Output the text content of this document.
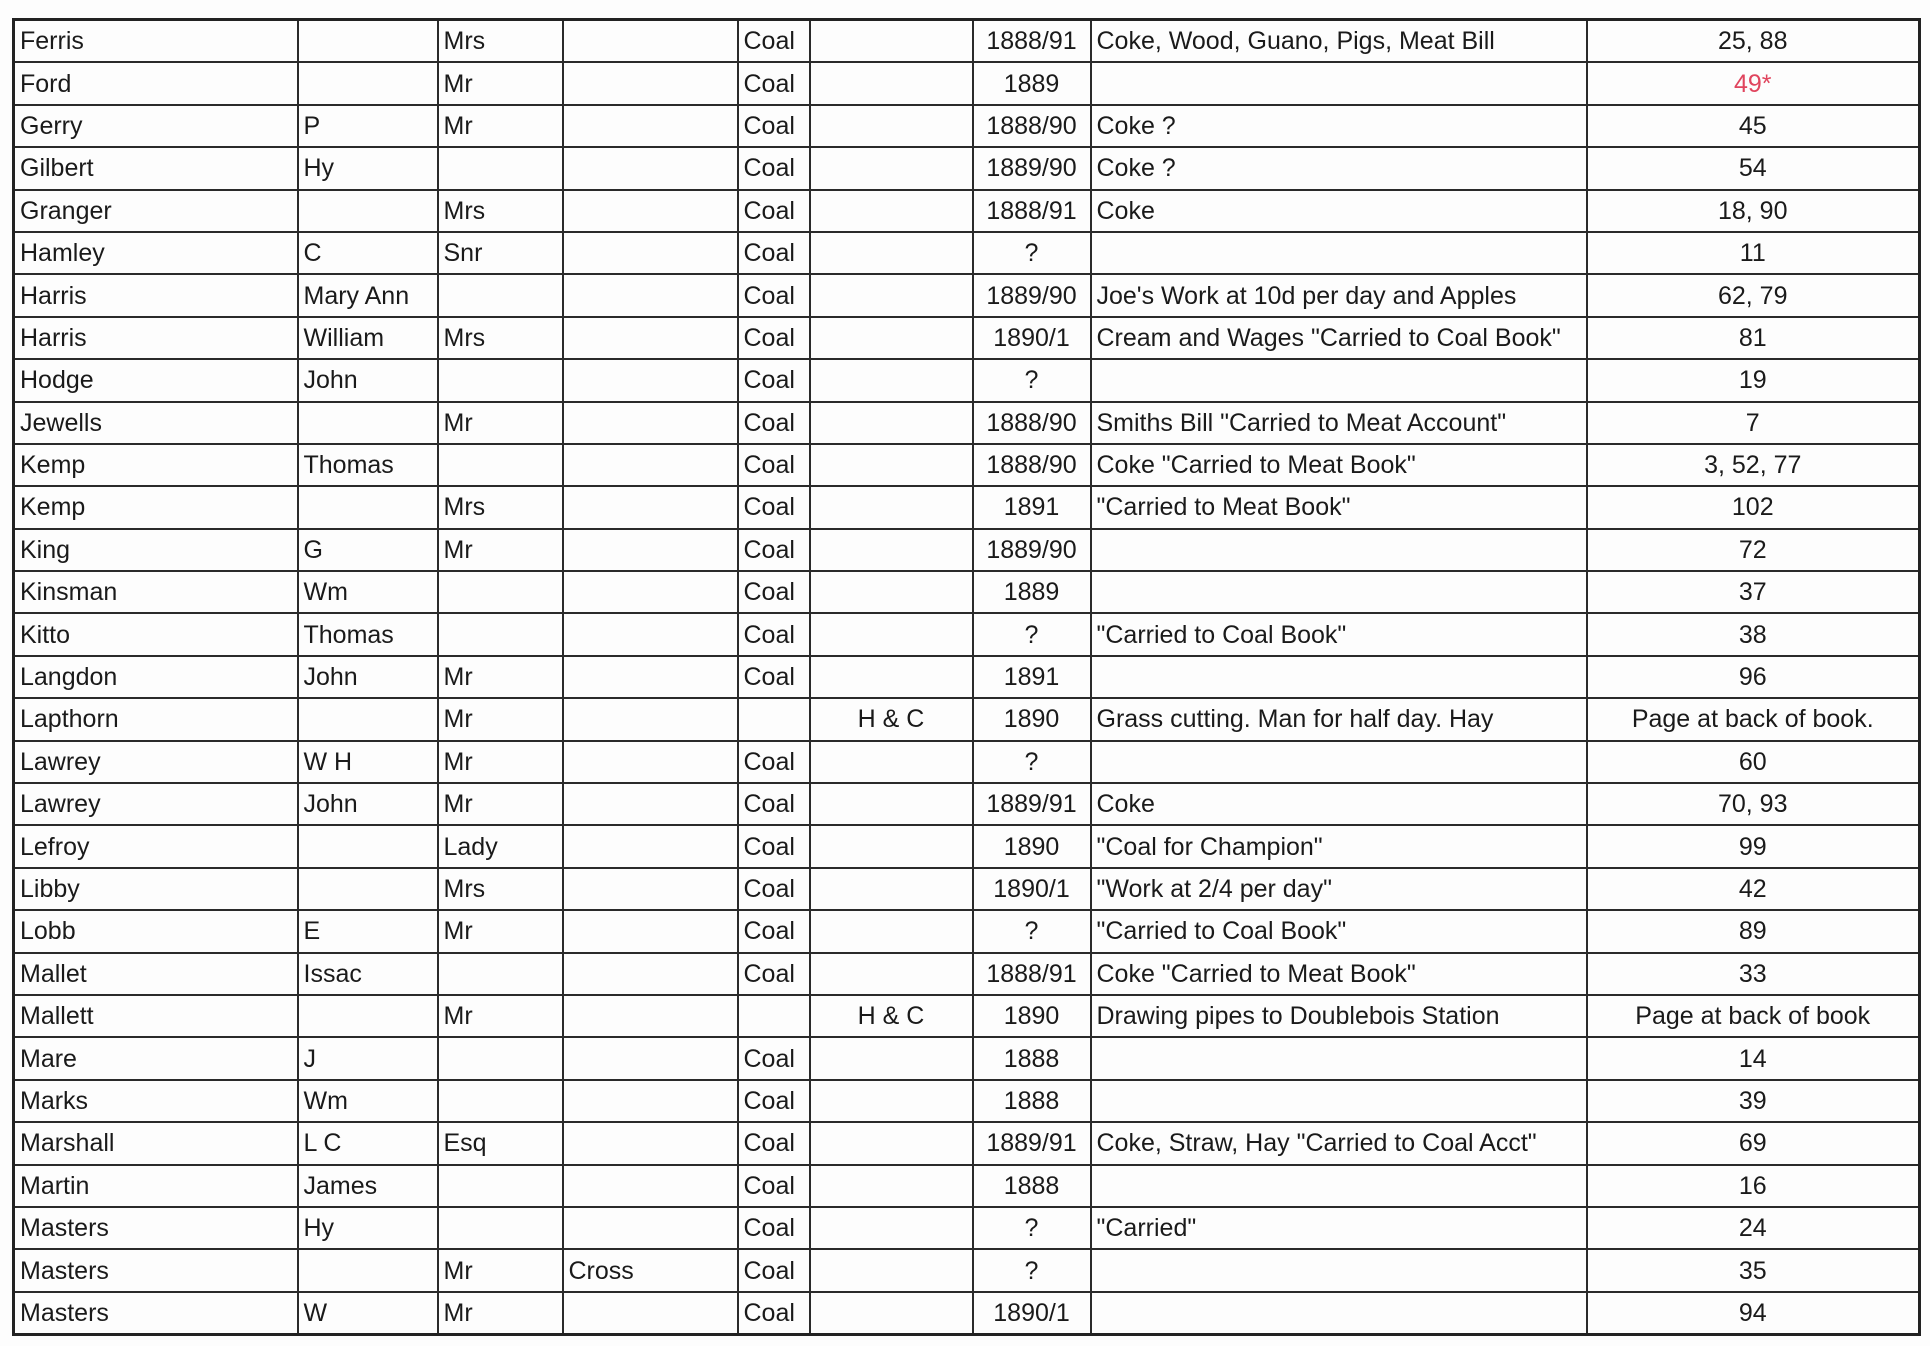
Ferris		Mrs		Coal		1888/91	Coke, Wood, Guano, Pigs, Meat Bill	25, 88
Ford		Mr		Coal		1889		49*
Gerry	P	Mr		Coal		1888/90	Coke ?	45
Gilbert	Hy			Coal		1889/90	Coke ?	54
Granger		Mrs		Coal		1888/91	Coke	18, 90
Hamley	C	Snr		Coal		?		11
Harris	Mary Ann			Coal		1889/90	Joe's Work at 10d per day and Apples	62, 79
Harris	William	Mrs		Coal		1890/1	Cream and Wages "Carried to Coal Book"	81
Hodge	John			Coal		?		19
Jewells		Mr		Coal		1888/90	Smiths Bill "Carried to Meat Account"	7
Kemp	Thomas			Coal		1888/90	Coke "Carried to Meat Book"	3, 52, 77
Kemp		Mrs		Coal		1891	"Carried to Meat Book"	102
King	G	Mr		Coal		1889/90		72
Kinsman	Wm			Coal		1889		37
Kitto	Thomas			Coal		?	"Carried to Coal Book"	38
Langdon	John	Mr		Coal		1891		96
Lapthorn		Mr			H & C	1890	Grass cutting. Man for half day. Hay	Page at back of book.
Lawrey	W H	Mr		Coal		?		60
Lawrey	John	Mr		Coal		1889/91	Coke	70, 93
Lefroy		Lady		Coal		1890	"Coal for Champion"	99
Libby		Mrs		Coal		1890/1	"Work at 2/4 per day"	42
Lobb	E	Mr		Coal		?	"Carried to Coal Book"	89
Mallet	Issac			Coal		1888/91	Coke "Carried to Meat Book"	33
Mallett		Mr			H & C	1890	Drawing pipes to Doublebois Station	Page at back of book
Mare	J			Coal		1888		14
Marks	Wm			Coal		1888		39
Marshall	L C	Esq		Coal		1889/91	Coke, Straw, Hay "Carried to Coal Acct"	69
Martin	James			Coal		1888		16
Masters	Hy			Coal		?	"Carried"	24
Masters		Mr	Cross	Coal		?		35
Masters	W	Mr		Coal		1890/1		94
